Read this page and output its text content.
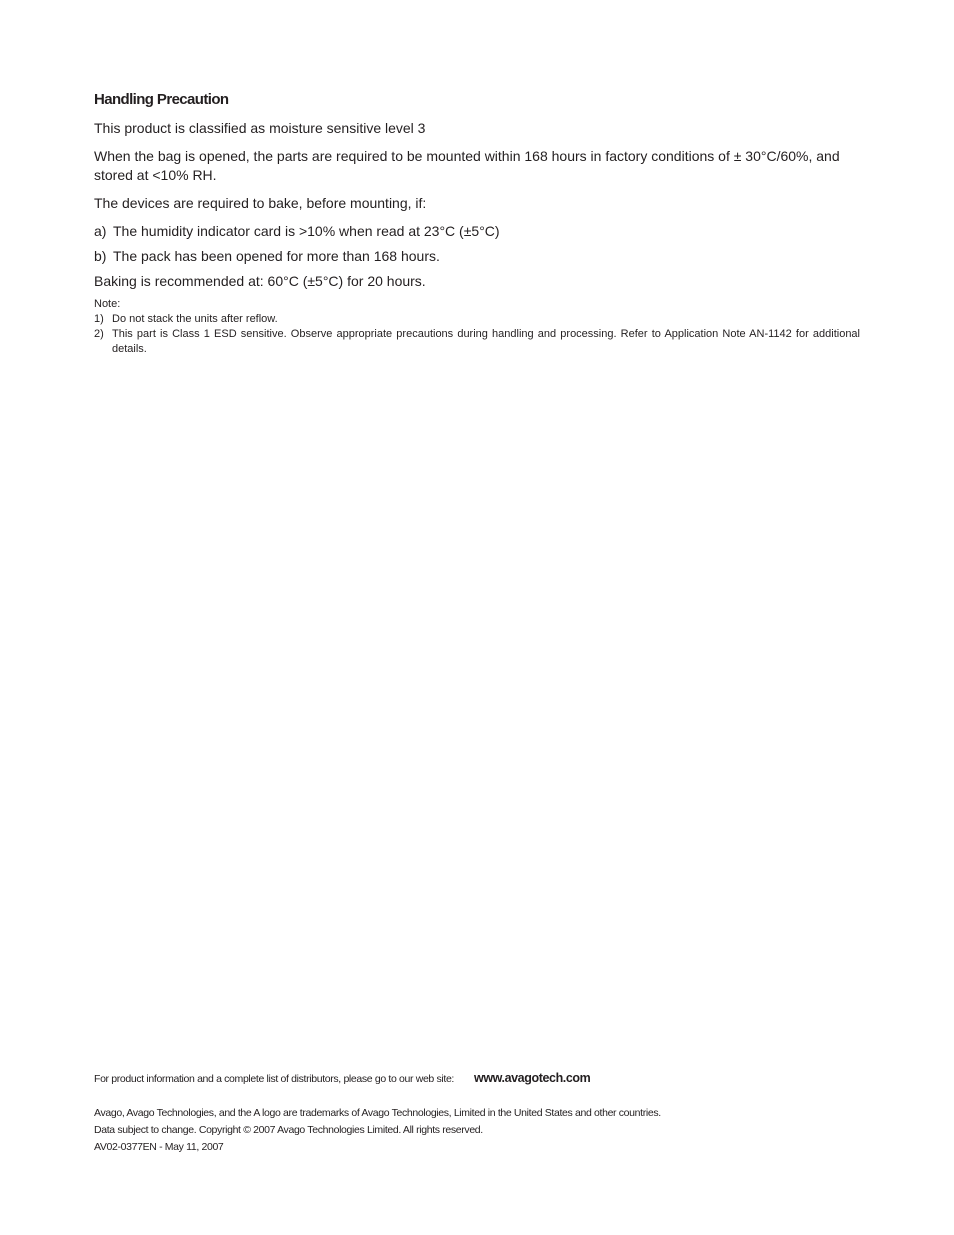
Handling Precaution
This product is classified as moisture sensitive level 3
When the bag is opened, the parts are required to be mounted within 168 hours in factory conditions of ± 30°C/60%, and stored at <10% RH.
The devices are required to bake, before mounting, if:
a) The humidity indicator card is >10% when read at 23°C (±5°C)
b) The pack has been opened for more than 168 hours.
Baking is recommended at: 60°C (±5°C) for 20 hours.
Note:
1) Do not stack the units after reflow.
2) This part is Class 1 ESD sensitive. Observe appropriate precautions during handling and processing. Refer to Application Note AN-1142 for additional details.
For product information and a complete list of distributors, please go to our web site: www.avagotech.com
Avago, Avago Technologies, and the A logo are trademarks of Avago Technologies, Limited in the United States and other countries.
Data subject to change. Copyright © 2007 Avago Technologies Limited. All rights reserved.
AV02-0377EN - May 11, 2007
